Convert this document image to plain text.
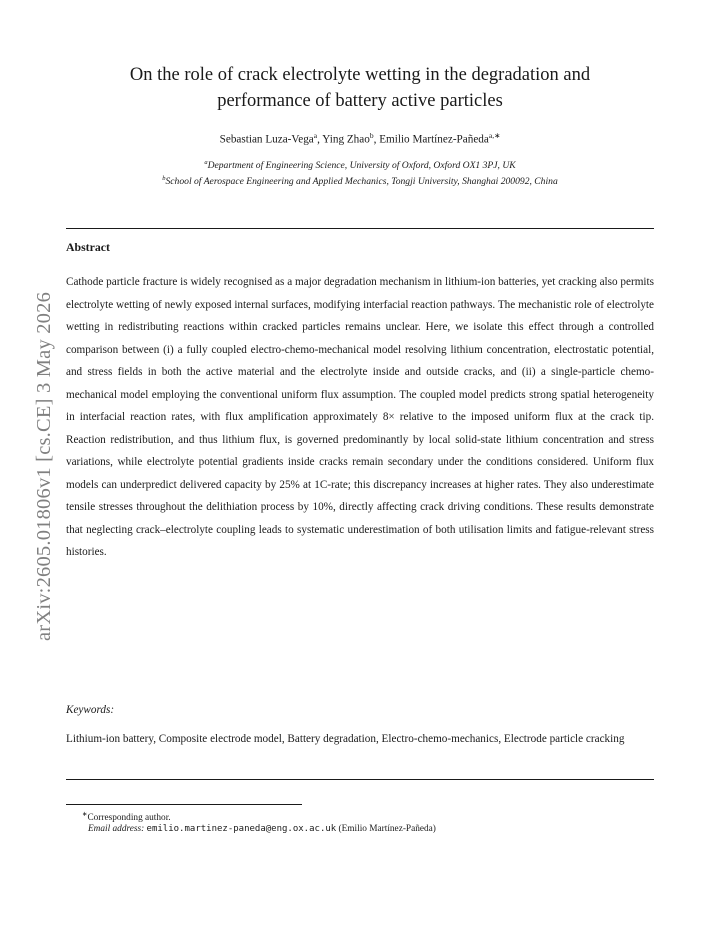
arXiv:2605.01806v1 [cs.CE] 3 May 2026
On the role of crack electrolyte wetting in the degradation and
performance of battery active particles
Sebastian Luza-Vega$^a$, Ying Zhao$^b$, Emilio Martínez-Pañeda$^{a,∗}$
$^a$Department of Engineering Science, University of Oxford, Oxford OX1 3PJ, UK
$^b$School of Aerospace Engineering and Applied Mechanics, Tongji University, Shanghai 200092, China
Abstract
Cathode particle fracture is widely recognised as a major degradation mechanism in lithium-ion batteries, yet cracking also permits electrolyte wetting of newly exposed internal surfaces, modifying interfacial reaction pathways. The mechanistic role of electrolyte wetting in redistributing reactions within cracked particles remains unclear. Here, we isolate this effect through a controlled comparison between (i) a fully coupled electro-chemo-mechanical model resolving lithium concentration, electrostatic potential, and stress fields in both the active material and the electrolyte inside and outside cracks, and (ii) a single-particle chemo-mechanical model employing the conventional uniform flux assumption. The coupled model predicts strong spatial heterogeneity in interfacial reaction rates, with flux amplification approximately 8× relative to the imposed uniform flux at the crack tip. Reaction redistribution, and thus lithium flux, is governed predominantly by local solid-state lithium concentration and stress variations, while electrolyte potential gradients inside cracks remain secondary under the conditions considered. Uniform flux models can underpredict delivered capacity by 25% at 1C-rate; this discrepancy increases at higher rates. They also underestimate tensile stresses throughout the delithiation process by 10%, directly affecting crack driving conditions. These results demonstrate that neglecting crack–electrolyte coupling leads to systematic underestimation of both utilisation limits and fatigue-relevant stress histories.
Keywords:
Lithium-ion battery, Composite electrode model, Battery degradation, Electro-chemo-mechanics, Electrode particle cracking
∗Corresponding author.
Email address: emilio.martinez-paneda@eng.ox.ac.uk (Emilio Martínez-Pañeda)
